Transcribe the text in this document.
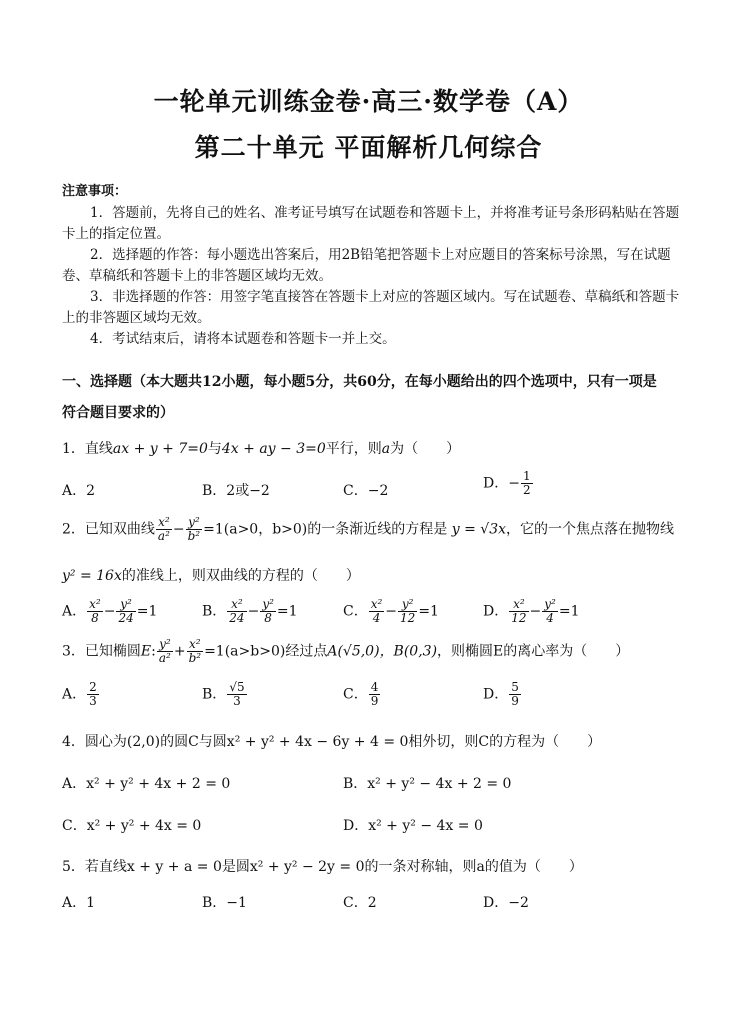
一轮单元训练金卷·高三·数学卷（A）
第二十单元 平面解析几何综合
注意事项：
1．答题前，先将自己的姓名、准考证号填写在试题卷和答题卡上，并将准考证号条形码粘贴在答题卡上的指定位置。
2．选择题的作答：每小题选出答案后，用2B铅笔把答题卡上对应题目的答案标号涂黑，写在试题卷、草稿纸和答题卡上的非答题区域均无效。
3．非选择题的作答：用签字笔直接答在答题卡上对应的答题区域内。写在试题卷、草稿纸和答题卡上的非答题区域均无效。
4．考试结束后，请将本试题卷和答题卡一并上交。
一、选择题（本大题共12小题，每小题5分，共60分，在每小题给出的四个选项中，只有一项是
符合题目要求的）
1．直线ax + y + 7=0与4x + ay − 3=0平行，则a为（　　）
A．2	B．2或−2	C．−2	D．− $\frac{1}{2}$
2．已知双曲线 $\frac{\text{x²}}{\text{a²}} - \frac{\text{y²}}{\text{b²}} =1(a>0$，b>0)的一条渐近线的方程是 y = √3x，它的一个焦点落在抛物线
y² = 16x的准线上，则双曲线的方程的（　　）
A． $\frac{\text{x²}}{8} - \frac{\text{y²}}{24} =1$	B． $\frac{\text{x²}}{24} - \frac{\text{y²}}{8} =1$	C． $\frac{\text{x²}}{4} - \frac{\text{y²}}{12} =1$	D． $\frac{\text{x²}}{12} - \frac{\text{y²}}{4} =1$
3．已知椭圆E: $\frac{\text{y²}}{\text{a²}} + \frac{\text{x²}}{\text{b²}} =1(a>b>0)$经过点A(√5,0)，B(0,3)，则椭圆E的离心率为（　　）
A． $\frac{2}{3}$	B． $\frac{√5}{3}$	C． $\frac{4}{9}$	D． $\frac{5}{9}$
4．圆心为(2,0)的圆C与圆x² + y² + 4x − 6y + 4 = 0相外切，则C的方程为（　　）
A．x² + y² + 4x + 2 = 0	B．x² + y² − 4x + 2 = 0
C．x² + y² + 4x = 0	D．x² + y² − 4x = 0
5．若直线x + y + a = 0是圆x² + y² − 2y = 0的一条对称轴，则a的值为（　　）
A．1	B．−1	C．2	D．−2
